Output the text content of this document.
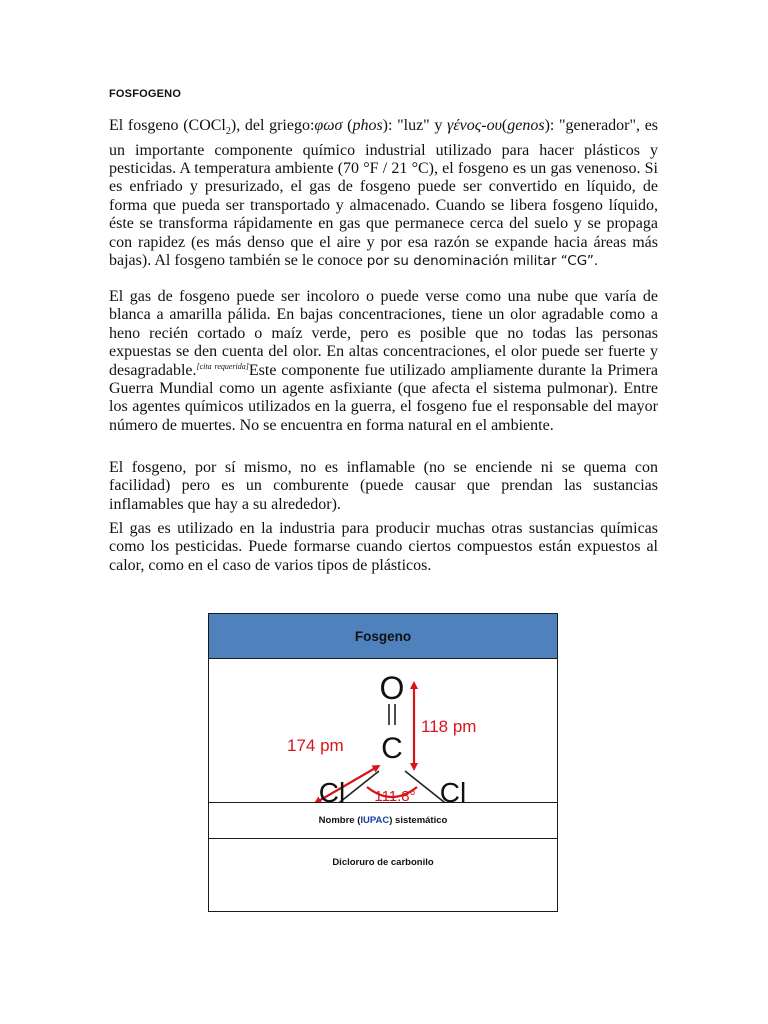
FOSFOGENO

El fosgeno (COCl$_2$), del griego:φωσ (phos): "luz" y γένος-ου(genos): "generador", es un importante componente químico industrial utilizado para hacer plásticos y pesticidas. A temperatura ambiente (70 °F / 21 °C), el fosgeno es un gas venenoso. Si es enfriado y presurizado, el gas de fosgeno puede ser convertido en líquido, de forma que pueda ser transportado y almacenado. Cuando se libera fosgeno líquido, éste se transforma rápidamente en gas que permanece cerca del suelo y se propaga con rapidez (es más denso que el aire y por esa razón se expande hacia áreas más bajas). Al fosgeno también se le conoce por su denominación militar “CG”.

El gas de fosgeno puede ser incoloro o puede verse como una nube que varía de blanca a amarilla pálida. En bajas concentraciones, tiene un olor agradable como a heno recién cortado o maíz verde, pero es posible que no todas las personas expuestas se den cuenta del olor. En altas concentraciones, el olor puede ser fuerte y desagradable.[cita requerida]Este componente fue utilizado ampliamente durante la Primera Guerra Mundial como un agente asfixiante (que afecta el sistema pulmonar). Entre los agentes químicos utilizados en la guerra, el fosgeno fue el responsable del mayor número de muertes. No se encuentra en forma natural en el ambiente.

El fosgeno, por sí mismo, no es inflamable (no se enciende ni se quema con facilidad) pero es un comburente (puede causar que prendan las sustancias inflamables que hay a su alrededor).

El gas es utilizado en la industria para producir muchas otras sustancias químicas como los pesticidas. Puede formarse cuando ciertos compuestos están expuestos al calor, como en el caso de varios tipos de plásticos.

Fosgeno
O
C
Cl	Cl
118 pm
174 pm
111.8°
Nombre ( IUPAC ) sistemático
Dicloruro de carbonilo
